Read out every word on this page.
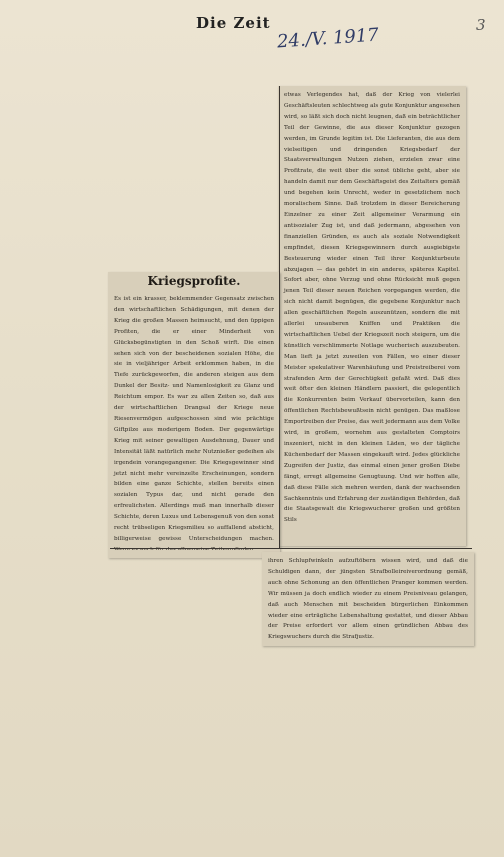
Die Zeit
24./V. 1917	3
etwas Verlegendes hat, daß der Krieg von vielerlei Geschäftsleuten schlechtweg als gute Konjunktur angesehen wird, so läßt sich doch nicht leugnen, daß ein beträchtlicher Teil der Gewinne, die aus dieser Konjunktur gezogen werden, im Grunde legitim ist. Die Lieferanten, die aus dem vielseitigen und dringenden Kriegsbedarf der Staatsverwaltungen Nutzen ziehen, erzielen zwar eine Profitrate, die weit über die sonst übliche geht, aber sie handeln damit nur dem Geschäftsgeist des Zeitalters gemäß und begehen kein Unrecht, weder in gesetzlichem noch moralischem Sinne. Daß trotzdem in dieser Bereicherung Einzelner zu einer Zeit allgemeiner Verarmung ein antisozialer Zug ist, und daß jedermann, abgesehen von finanziellen Gründen, es auch als soziale Notwendigkeit empfindet, diesen Kriegsgewinnern durch ausgiebigste Besteuerung wieder einen Teil ihrer Konjunkturbeute abzujagen — das gehört in ein anderes, späteres Kapitel. Sofort aber, ohne Verzug und ohne Rücksicht muß gegen jenen Teil dieser neuen Reichen vorgegangen werden, die sich nicht damit begnügen, die gegebene Konjunktur nach allen geschäftlichen Regeln auszunützen, sondern die mit allerlei unsauberen Kniffen und Praktiken die wirtschaftlichen Uebel der Kriegszeit noch steigern, um die künstlich verschlimmerte Notlage wucherisch auszubeuten. Man lieft ja jetzt zuweilen von Fällen, wo einer dieser Meister spekulativer Warenhäufung und Preistreiberei vom strafenden Arm der Gerechtigkeit gefaßt wird. Daß dies weit öfter den kleinen Händlern passiert, die gelegentlich die Konkurrenten beim Verkauf übervorteilen, kann den öffentlichen Rechtsbewußtsein nicht genügen. Das maßlose Emportreiben der Preise, das weit jedermann aus dem Volke wird, in großem, wornehm aus gestalteten Comptoirs inszeniert, nicht in den kleinen Läden, wo der tägliche Küchenbedarf der Massen eingekauft wird. Jedes glückliche Zugreifen der Justiz, das einmal einen jener großen Diebe fängt, erregt allgemeine Genugtuung. Und wir hoffen alle, daß diese Fälle sich mehren werden, dank der wachsenden Sachkenntnis und Erfahrung der zuständigen Behörden, daß die Staatsgewalt die Kriegswucherer großen und größten Stils
Kriegsprofite.
Es ist ein krasser, beklemmender Gegensatz zwischen den wirtschaftlichen Schädigungen, mit denen der Krieg die großen Massen heimsucht, und den üppigen Profiten, die er einer Minderheit von Glücksbegünstigten in den Schoß wirft. Die einen sehen sich von der bescheidenen sozialen Höhe, die sie in vieljähriger Arbeit erklommen haben, in die Tiefe zurückgeworfen, die anderen steigen aus dem Dunkel der Besitz- und Namenlosigkeit zu Glanz und Reichtum empor. Es war zu allen Zeiten so, daß aus der wirtschaftlichen Drangsal der Kriege neue Riesenvermögen aufgeschossen sind wie prächtige Giftpilze aus moderigem Boden. Der gegenwärtige Krieg mit seiner gewaltigen Ausdehnung, Dauer und Intensität läßt natürlich mehr Nutznießer gedeihen als irgendein vorangegangener. Die Kriegsgewinner sind jetzt nicht mehr vereinzelte Erscheinungen, sondern bilden eine ganze Schichte, stellen bereits einen sozialen Typus dar, und nicht gerade den erfreulichsten. Allerdings muß man innerhalb dieser Schichte, deren Luxus und Lebensgenuß von den sonst recht trübseligen Kriegsmilieu so auffallend absticht, billigerweise gewisse Unterscheidungen machen.
ihren Schlupfwinkeln aufzuftöbern wissen wird, und daß die Schuldigen dann, der jüngsten Strafbolleireiverordnung gemäß, auch ohne Schonung an den öffentlichen Pranger kommen werden. Wir müssen ja doch endlich wieder zu einem Preisniveau gelangen, daß auch Menschen mit bescheiden bürgerlichen Einkommen wieder eine erträgliche Lebenshaltung gestattet, und dieser Abbau der Preise erfordert vor allem einen gründlichen Abbau des Kriegswuchers durch die Strafjustiz.
